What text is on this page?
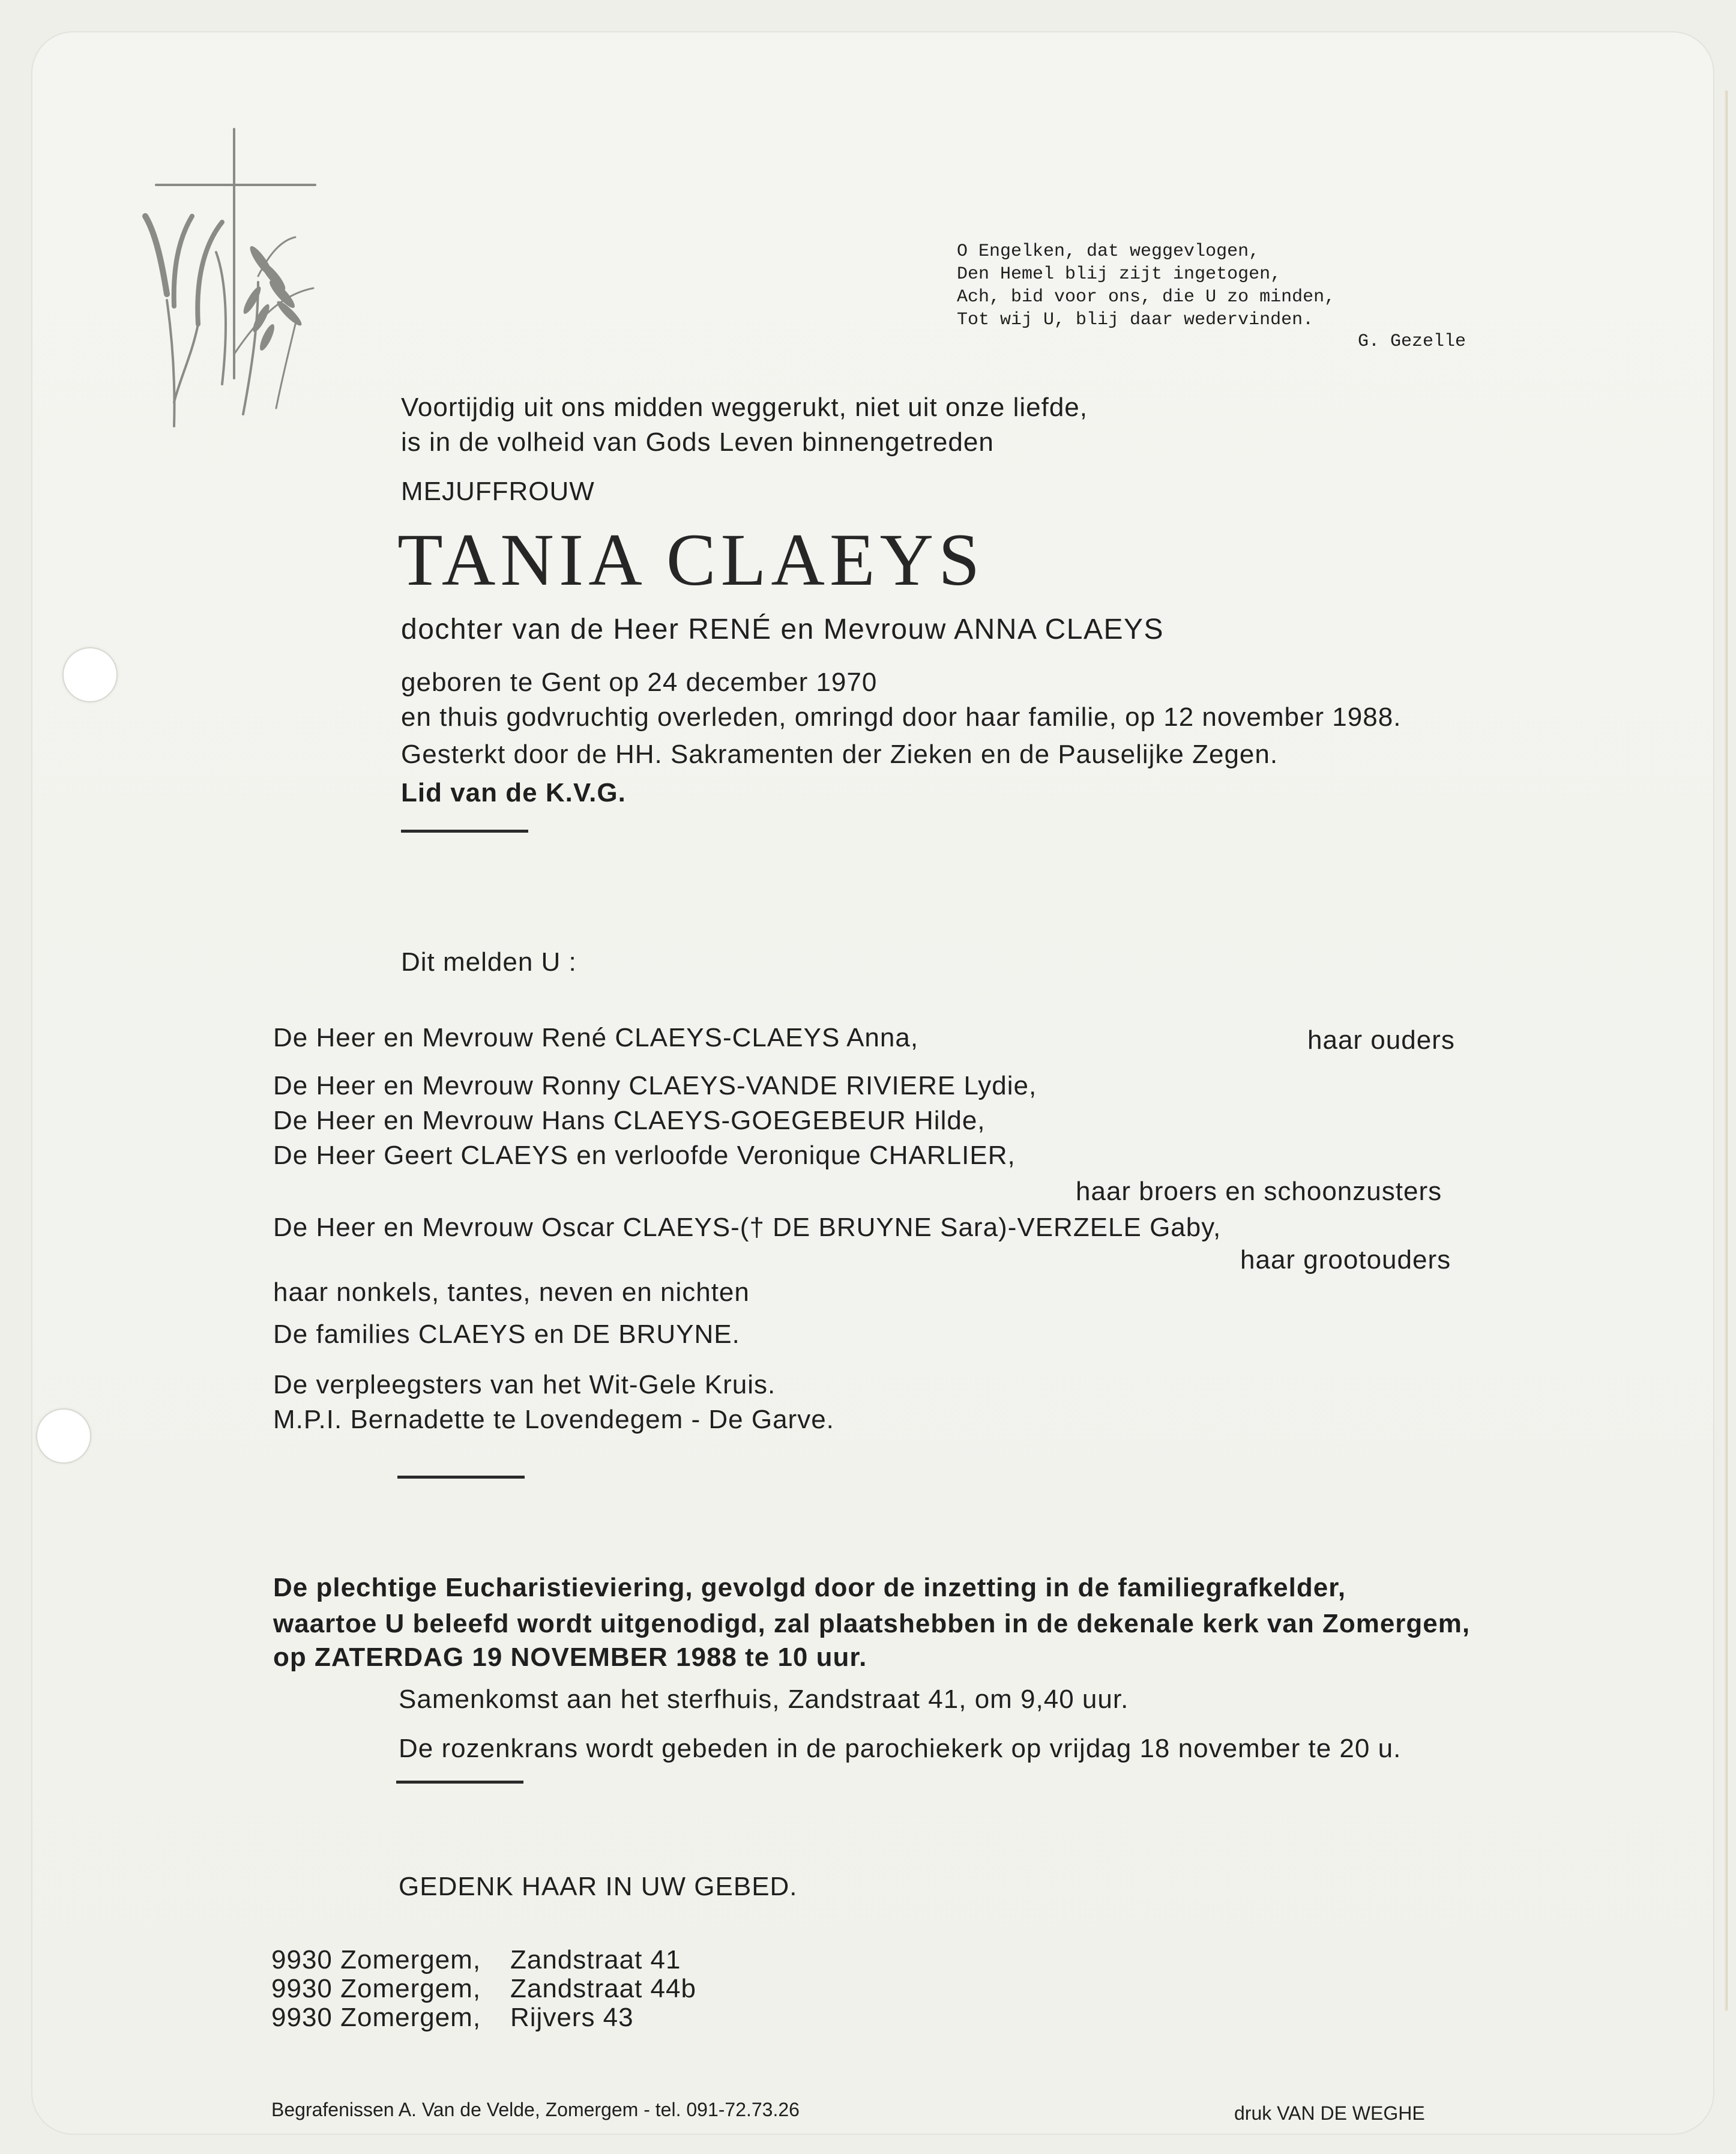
O Engelken, dat weggevlogen,
Den Hemel blij zijt ingetogen,
Ach, bid voor ons, die U zo minden,
Tot wij U, blij daar wedervinden.
G. Gezelle
Voortijdig uit ons midden weggerukt, niet uit onze liefde,
is in de volheid van Gods Leven binnengetreden
MEJUFFROUW
TANIA CLAEYS
dochter van de Heer RENÉ en Mevrouw ANNA CLAEYS
geboren te Gent op 24 december 1970
en thuis godvruchtig overleden, omringd door haar familie, op 12 november 1988.
Gesterkt door de HH. Sakramenten der Zieken en de Pauselijke Zegen.
Lid van de K.V.G.
Dit melden U :
De Heer en Mevrouw René CLAEYS-CLAEYS Anna,	haar ouders
De Heer en Mevrouw Ronny CLAEYS-VANDE RIVIERE Lydie,
De Heer en Mevrouw Hans CLAEYS-GOEGEBEUR Hilde,
De Heer Geert CLAEYS en verloofde Veronique CHARLIER,
haar broers en schoonzusters
De Heer en Mevrouw Oscar CLAEYS-(† DE BRUYNE Sara)-VERZELE Gaby,
haar grootouders
haar nonkels, tantes, neven en nichten
De families CLAEYS en DE BRUYNE.
De verpleegsters van het Wit-Gele Kruis.
M.P.I. Bernadette te Lovendegem - De Garve.
De plechtige Eucharistieviering, gevolgd door de inzetting in de familiegrafkelder,
waartoe U beleefd wordt uitgenodigd, zal plaatshebben in de dekenale kerk van Zomergem,
op ZATERDAG 19 NOVEMBER 1988 te 10 uur.
Samenkomst aan het sterfhuis, Zandstraat 41, om 9,40 uur.
De rozenkrans wordt gebeden in de parochiekerk op vrijdag 18 november te 20 u.
GEDENK HAAR IN UW GEBED.
9930 Zomergem, Zandstraat 41
9930 Zomergem, Zandstraat 44b
9930 Zomergem, Rijvers 43
Begrafenissen A. Van de Velde, Zomergem - tel. 091-72.73.26	druk VAN DE WEGHE
